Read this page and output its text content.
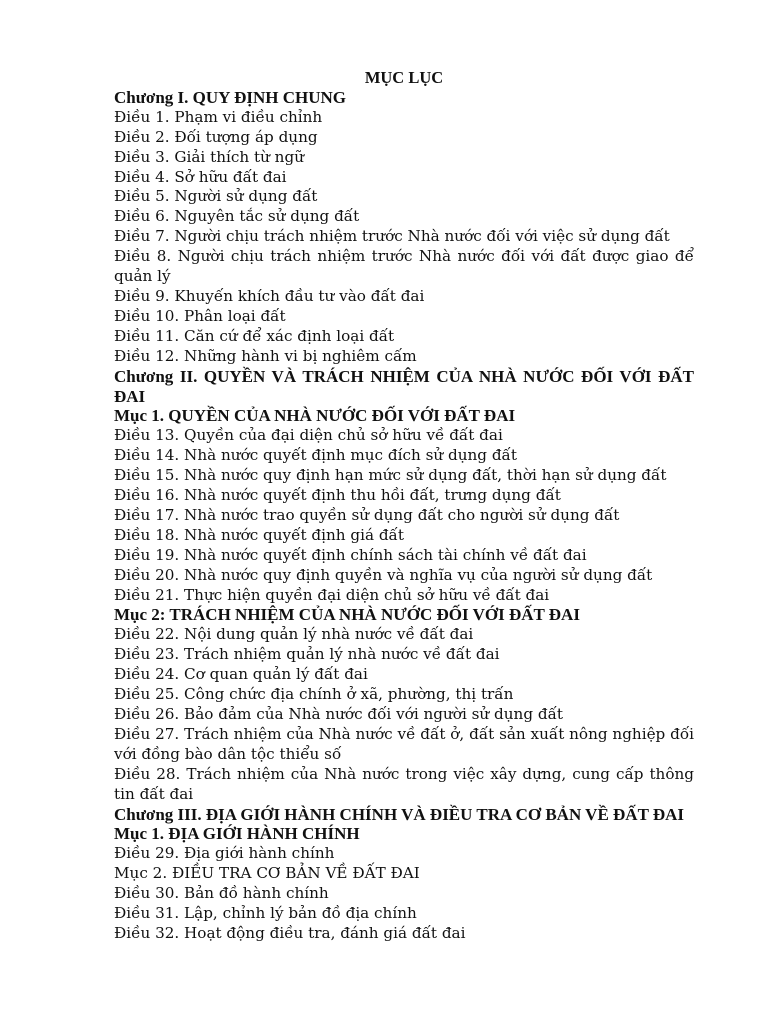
MỤC LỤC
Chương I. QUY ĐỊNH CHUNG
Điều 1. Phạm vi điều chỉnh
Điều 2. Đối tượng áp dụng
Điều 3. Giải thích từ ngữ
Điều 4. Sở hữu đất đai
Điều 5. Người sử dụng đất
Điều 6. Nguyên tắc sử dụng đất
Điều 7. Người chịu trách nhiệm trước Nhà nước đối với việc sử dụng đất
Điều 8. Người chịu trách nhiệm trước Nhà nước đối với đất được giao để quản lý
Điều 9. Khuyến khích đầu tư vào đất đai
Điều 10. Phân loại đất
Điều 11. Căn cứ để xác định loại đất
Điều 12. Những hành vi bị nghiêm cấm
Chương II. QUYỀN VÀ TRÁCH NHIỆM CỦA NHÀ NƯỚC ĐỐI VỚI ĐẤT ĐAI
Mục 1. QUYỀN CỦA NHÀ NƯỚC ĐỐI VỚI ĐẤT ĐAI
Điều 13. Quyền của đại diện chủ sở hữu về đất đai
Điều 14. Nhà nước quyết định mục đích sử dụng đất
Điều 15. Nhà nước quy định hạn mức sử dụng đất, thời hạn sử dụng đất
Điều 16. Nhà nước quyết định thu hồi đất, trưng dụng đất
Điều 17. Nhà nước trao quyền sử dụng đất cho người sử dụng đất
Điều 18. Nhà nước quyết định giá đất
Điều 19. Nhà nước quyết định chính sách tài chính về đất đai
Điều 20. Nhà nước quy định quyền và nghĩa vụ của người sử dụng đất
Điều 21. Thực hiện quyền đại diện chủ sở hữu về đất đai
Mục 2: TRÁCH NHIỆM CỦA NHÀ NƯỚC ĐỐI VỚI ĐẤT ĐAI
Điều 22. Nội dung quản lý nhà nước về đất đai
Điều 23. Trách nhiệm quản lý nhà nước về đất đai
Điều 24. Cơ quan quản lý đất đai
Điều 25. Công chức địa chính ở xã, phường, thị trấn
Điều 26. Bảo đảm của Nhà nước đối với người sử dụng đất
Điều 27. Trách nhiệm của Nhà nước về đất ở, đất sản xuất nông nghiệp đối với đồng bào dân tộc thiểu số
Điều 28. Trách nhiệm của Nhà nước trong việc xây dựng, cung cấp thông tin đất đai
Chương III. ĐỊA GIỚI HÀNH CHÍNH VÀ ĐIỀU TRA CƠ BẢN VỀ ĐẤT ĐAI
Mục 1. ĐỊA GIỚI HÀNH CHÍNH
Điều 29. Địa giới hành chính
Mục 2. ĐIỀU TRA CƠ BẢN VỀ ĐẤT ĐAI
Điều 30. Bản đồ hành chính
Điều 31. Lập, chỉnh lý bản đồ địa chính
Điều 32. Hoạt động điều tra, đánh giá đất đai
